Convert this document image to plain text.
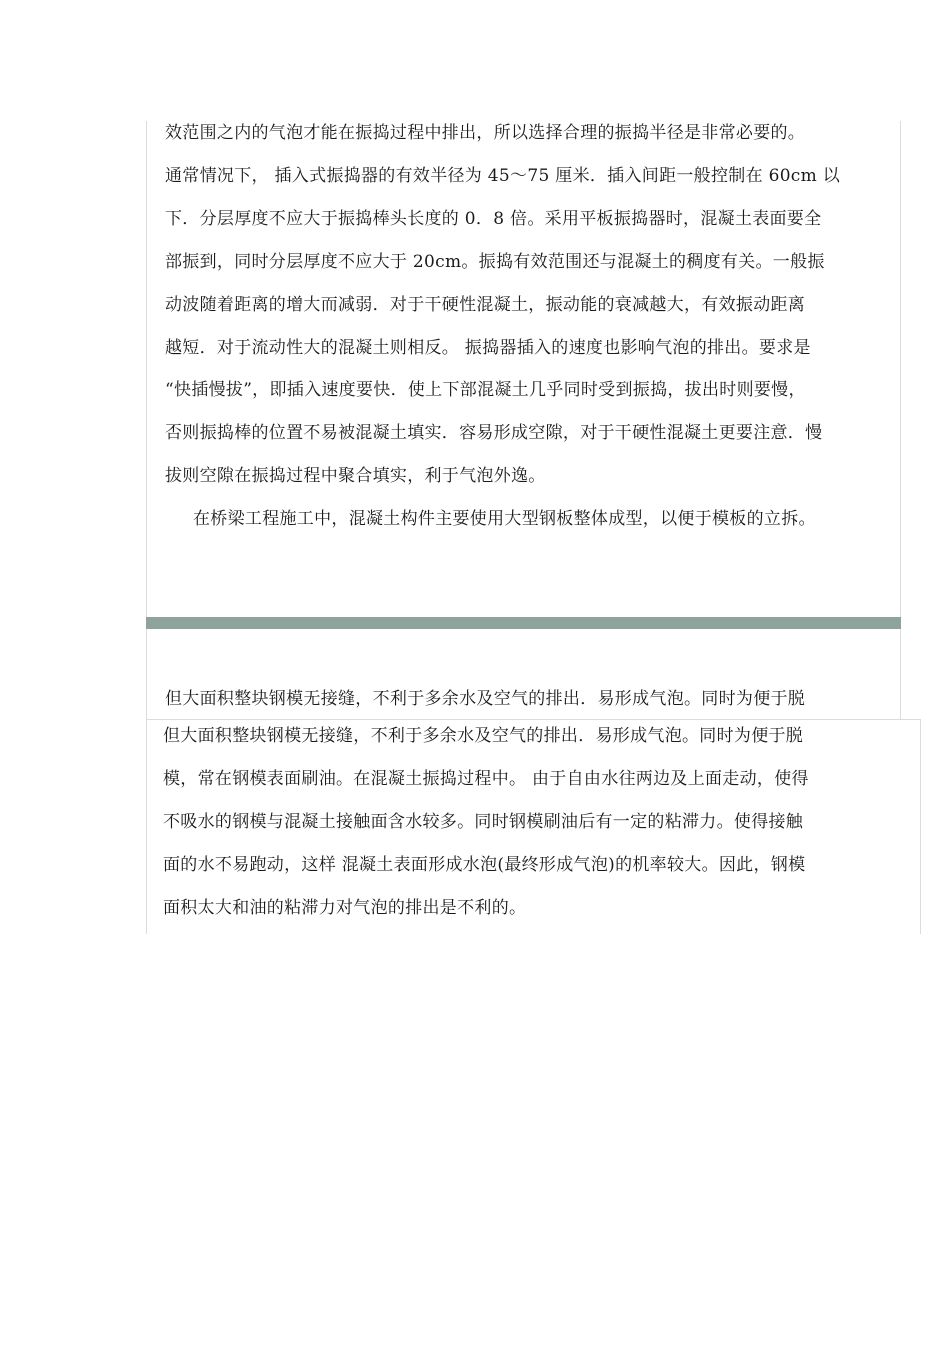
效范围之内的气泡才能在振捣过程中排出，所以选择合理的振捣半径是非常必要的。
通常情况下， 插入式振捣器的有效半径为 45～75 厘米．插入间距一般控制在 60cm 以
下．分层厚度不应大于振捣棒头长度的 0．8 倍。采用平板振捣器时，混凝土表面要全
部振到，同时分层厚度不应大于 20cm。振捣有效范围还与混凝土的稠度有关。一般振
动波随着距离的增大而减弱．对于干硬性混凝土，振动能的衰减越大，有效振动距离
越短．对于流动性大的混凝土则相反。 振捣器插入的速度也影响气泡的排出。要求是
“快插慢拔”，即插入速度要快．使上下部混凝土几乎同时受到振捣，拔出时则要慢，
否则振捣棒的位置不易被混凝土填实．容易形成空隙，对于干硬性混凝土更要注意．慢
拔则空隙在振捣过程中聚合填实，利于气泡外逸。
在桥梁工程施工中，混凝土构件主要使用大型钢板整体成型，以便于模板的立拆。
但大面积整块钢模无接缝，不利于多余水及空气的排出．易形成气泡。同时为便于脱
但大面积整块钢模无接缝，不利于多余水及空气的排出．易形成气泡。同时为便于脱
模，常在钢模表面刷油。在混凝土振捣过程中。 由于自由水往两边及上面走动，使得
不吸水的钢模与混凝土接触面含水较多。同时钢模刷油后有一定的粘滞力。使得接触
面的水不易跑动，这样 混凝土表面形成水泡(最终形成气泡)的机率较大。因此，钢模
面积太大和油的粘滞力对气泡的排出是不利的。
